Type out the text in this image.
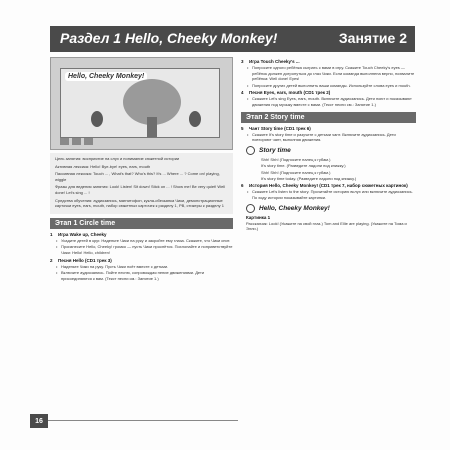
Раздел 1 Hello, Cheeky Monkey!	Занятие 2
Hello, Cheeky Monkey!
Цель занятия: восприятие на слух и понимание сюжетной истории
Активная лексика: Hello! Bye-bye! eyes, ears, mouth
Пассивная лексика: Touch ... , What's that? Who's this? It's ... Where ... ? Come on! playing, wiggle
Фразы для ведения занятия: Look! Listen! Sit down! Stick on ... ! Show me! Be very quiet! Well done! Let's sing ... !
Средства обучения: аудиозапись, магнитофон, кукла-обезьянка Чики, демонстрационные карточки eyes, ears, mouth, набор сюжетных карточек к разделу 1, PB, стикеры к разделу 1
Этап 1 Circle time
1 Игра Wake up, Cheeky
• Усадите детей в круг. Наденьте Чики на руку и закройте ему глаза. Скажите, что Чики спит.
• Произнесите Hello, Cheeky! громко — пусть Чики проснётся. Похлопайте и поприветствуйте Чики: Hello! Hello, children!
2 Песня Hello (CD1 трек 3)
• Наденьте Чики на руку. Пусть Чики поёт вместе с детьми.
• Включите аудиозапись. Пойте песню, сопровождая пение движениями. Дети присоединяются к вам. (Текст песни см.: Занятие 1.)
3 Игра Touch Cheeky's ...
• Попросите одного ребёнка сыграть с вами в игру. Скажите Touch Cheeky's eyes — ребёнок должен дотронуться до глаз Чики. Если команда выполнена верно, похвалите ребёнка: Well done! Eyes!
• Попросите других детей выполнить ваши команды. Используйте слова eyes и mouth.
4 Песня Eyes, ears, mouth (CD1 трек 2)
• Скажите Let's sing Eyes, ears, mouth. Включите аудиозапись. Дети поют и показывают движения под музыку вместе с вами. (Текст песни см.: Занятие 1.)
Этап 2 Story time
5 Чант Story time (CD1 трек 6)
• Скажите It's story time и разучите с детьми чант. Включите аудиозапись. Дети повторяют чант, выполняя движения.
Story time
Shh! Shh! (Подносите палец к губам.)
It's story time. (Разведите ладони под книжку.)
Shh! Shh! (Подносите палец к губам.)
It's story time today. (Разведите ладони под книжку.)
6 История Hello, Cheeky Monkey! (CD1 трек 7, набор сюжетных картинок)
• Скажите Let's listen to the story. Прочитайте историю вслух или включите аудиозапись. По ходу истории показывайте картинки.
Hello, Cheeky Monkey!
Картинка 1
Рассказчик: Look! (Укажите на свой глаз.) Tom and Ellie are playing. (Укажите на Тома и Элли.)
16
